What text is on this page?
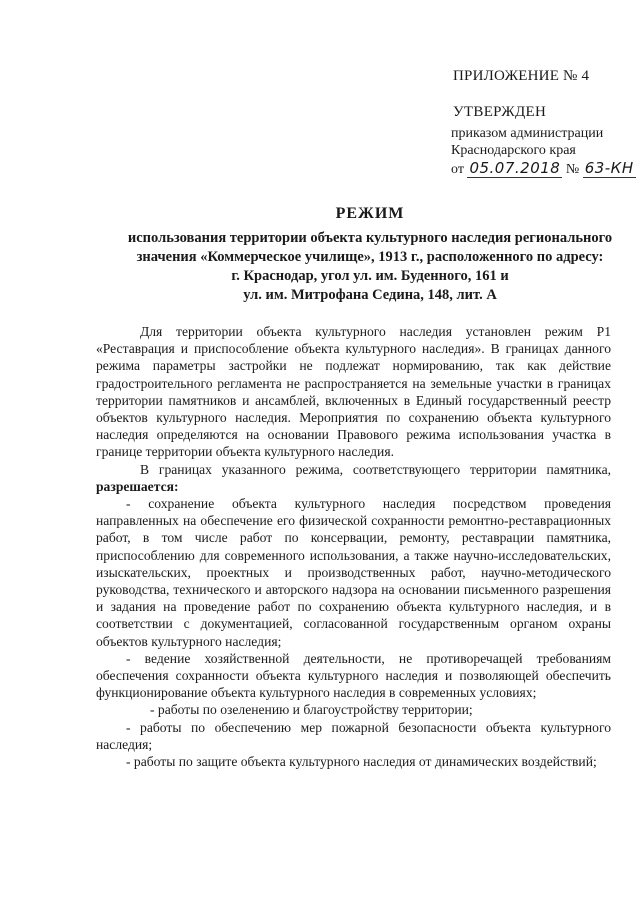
ПРИЛОЖЕНИЕ № 4
УТВЕРЖДЕН
приказом администрации
Краснодарского края
от 05.07.2018 № 63-КН
РЕЖИМ
использования территории объекта культурного наследия регионального
значения «Коммерческое училище», 1913 г., расположенного по адресу:
г. Краснодар, угол ул. им. Буденного, 161 и
ул. им. Митрофана Седина, 148, лит. А

Для территории объекта культурного наследия установлен режим Р1 «Реставрация и приспособление объекта культурного наследия». В границах данного режима параметры застройки не подлежат нормированию, так как действие градостроительного регламента не распространяется на земельные участки в границах территории памятников и ансамблей, включенных в Единый государственный реестр объектов культурного наследия. Мероприятия по сохранению объекта культурного наследия определяются на основании Правового режима использования участка в границе территории объекта культурного наследия.

В границах указанного режима, соответствующего территории памятника, разрешается:

- сохранение объекта культурного наследия посредством проведения направленных на обеспечение его физической сохранности ремонтно-реставрационных работ, в том числе работ по консервации, ремонту, реставрации памятника, приспособлению для современного использования, а также научно-исследовательских, изыскательских, проектных и производственных работ, научно-методического руководства, технического и авторского надзора на основании письменного разрешения и задания на проведение работ по сохранению объекта культурного наследия, и в соответствии с документацией, согласованной государственным органом охраны объектов культурного наследия;

- ведение хозяйственной деятельности, не противоречащей требованиям обеспечения сохранности объекта культурного наследия и позволяющей обеспечить функционирование объекта культурного наследия в современных условиях;

- работы по озеленению и благоустройству территории;

- работы по обеспечению мер пожарной безопасности объекта культурного наследия;

- работы по защите объекта культурного наследия от динамических воздействий;
